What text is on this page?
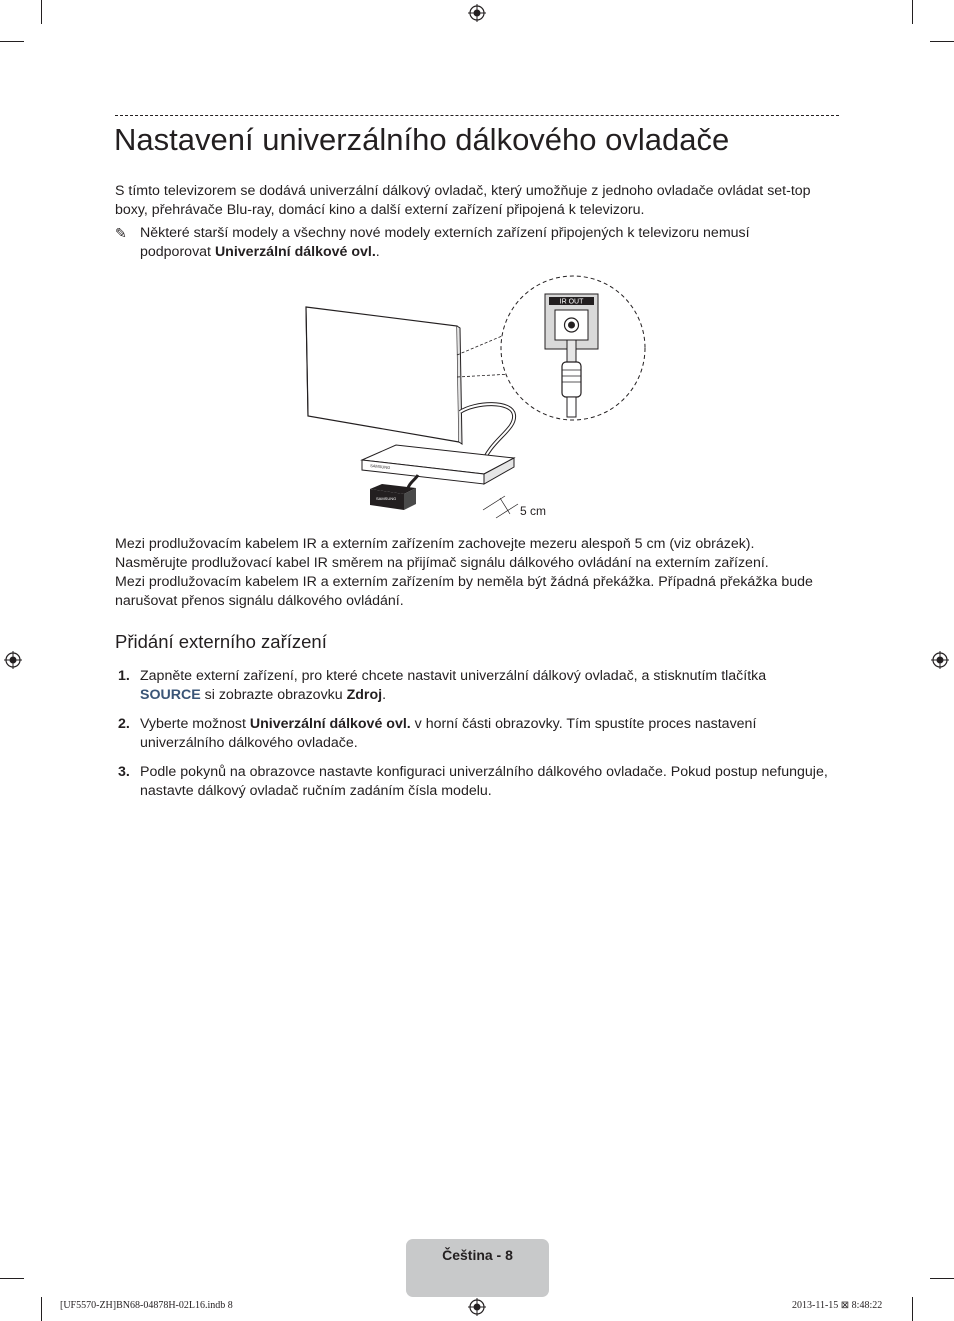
Nastavení univerzálního dálkového ovladače
S tímto televizorem se dodává univerzální dálkový ovladač, který umožňuje z jednoho ovladače ovládat set-top boxy, přehrávače Blu-ray, domácí kino a další externí zařízení připojená k televizoru.
✎ Některé starší modely a všechny nové modely externích zařízení připojených k televizoru nemusí podporovat Univerzální dálkové ovl..
IR OUT
SAMSUNG
SAMSUNG
5 cm
Mezi prodlužovacím kabelem IR a externím zařízením zachovejte mezeru alespoň 5 cm (viz obrázek).
Nasměrujte prodlužovací kabel IR směrem na přijímač signálu dálkového ovládání na externím zařízení.
Mezi prodlužovacím kabelem IR a externím zařízením by neměla být žádná překážka. Případná překážka bude narušovat přenos signálu dálkového ovládání.
Přidání externího zařízení
1. Zapněte externí zařízení, pro které chcete nastavit univerzální dálkový ovladač, a stisknutím tlačítka SOURCE si zobrazte obrazovku Zdroj.
2. Vyberte možnost Univerzální dálkové ovl. v horní části obrazovky. Tím spustíte proces nastavení univerzálního dálkového ovladače.
3. Podle pokynů na obrazovce nastavte konfiguraci univerzálního dálkového ovladače. Pokud postup nefunguje, nastavte dálkový ovladač ručním zadáním čísla modelu.
Čeština - 8
[UF5570-ZH]BN68-04878H-02L16.indb 8	2013-11-15 ⊠ 8:48:22
